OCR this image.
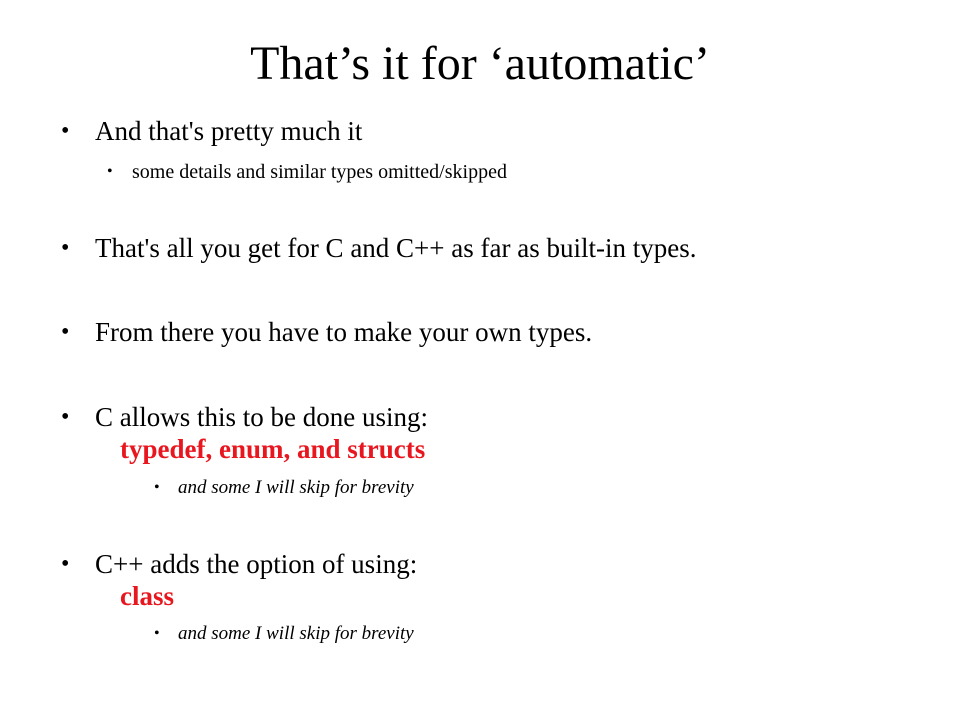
That’s it for ‘automatic’
• And that's pretty much it
• some details and similar types omitted/skipped
• That's all you get for C and C++ as far as built-in types.
• From there you have to make your own types.
• C allows this to be done using:
typedef, enum, and structs
• and some I will skip for brevity
• C++ adds the option of using:
class
• and some I will skip for brevity
